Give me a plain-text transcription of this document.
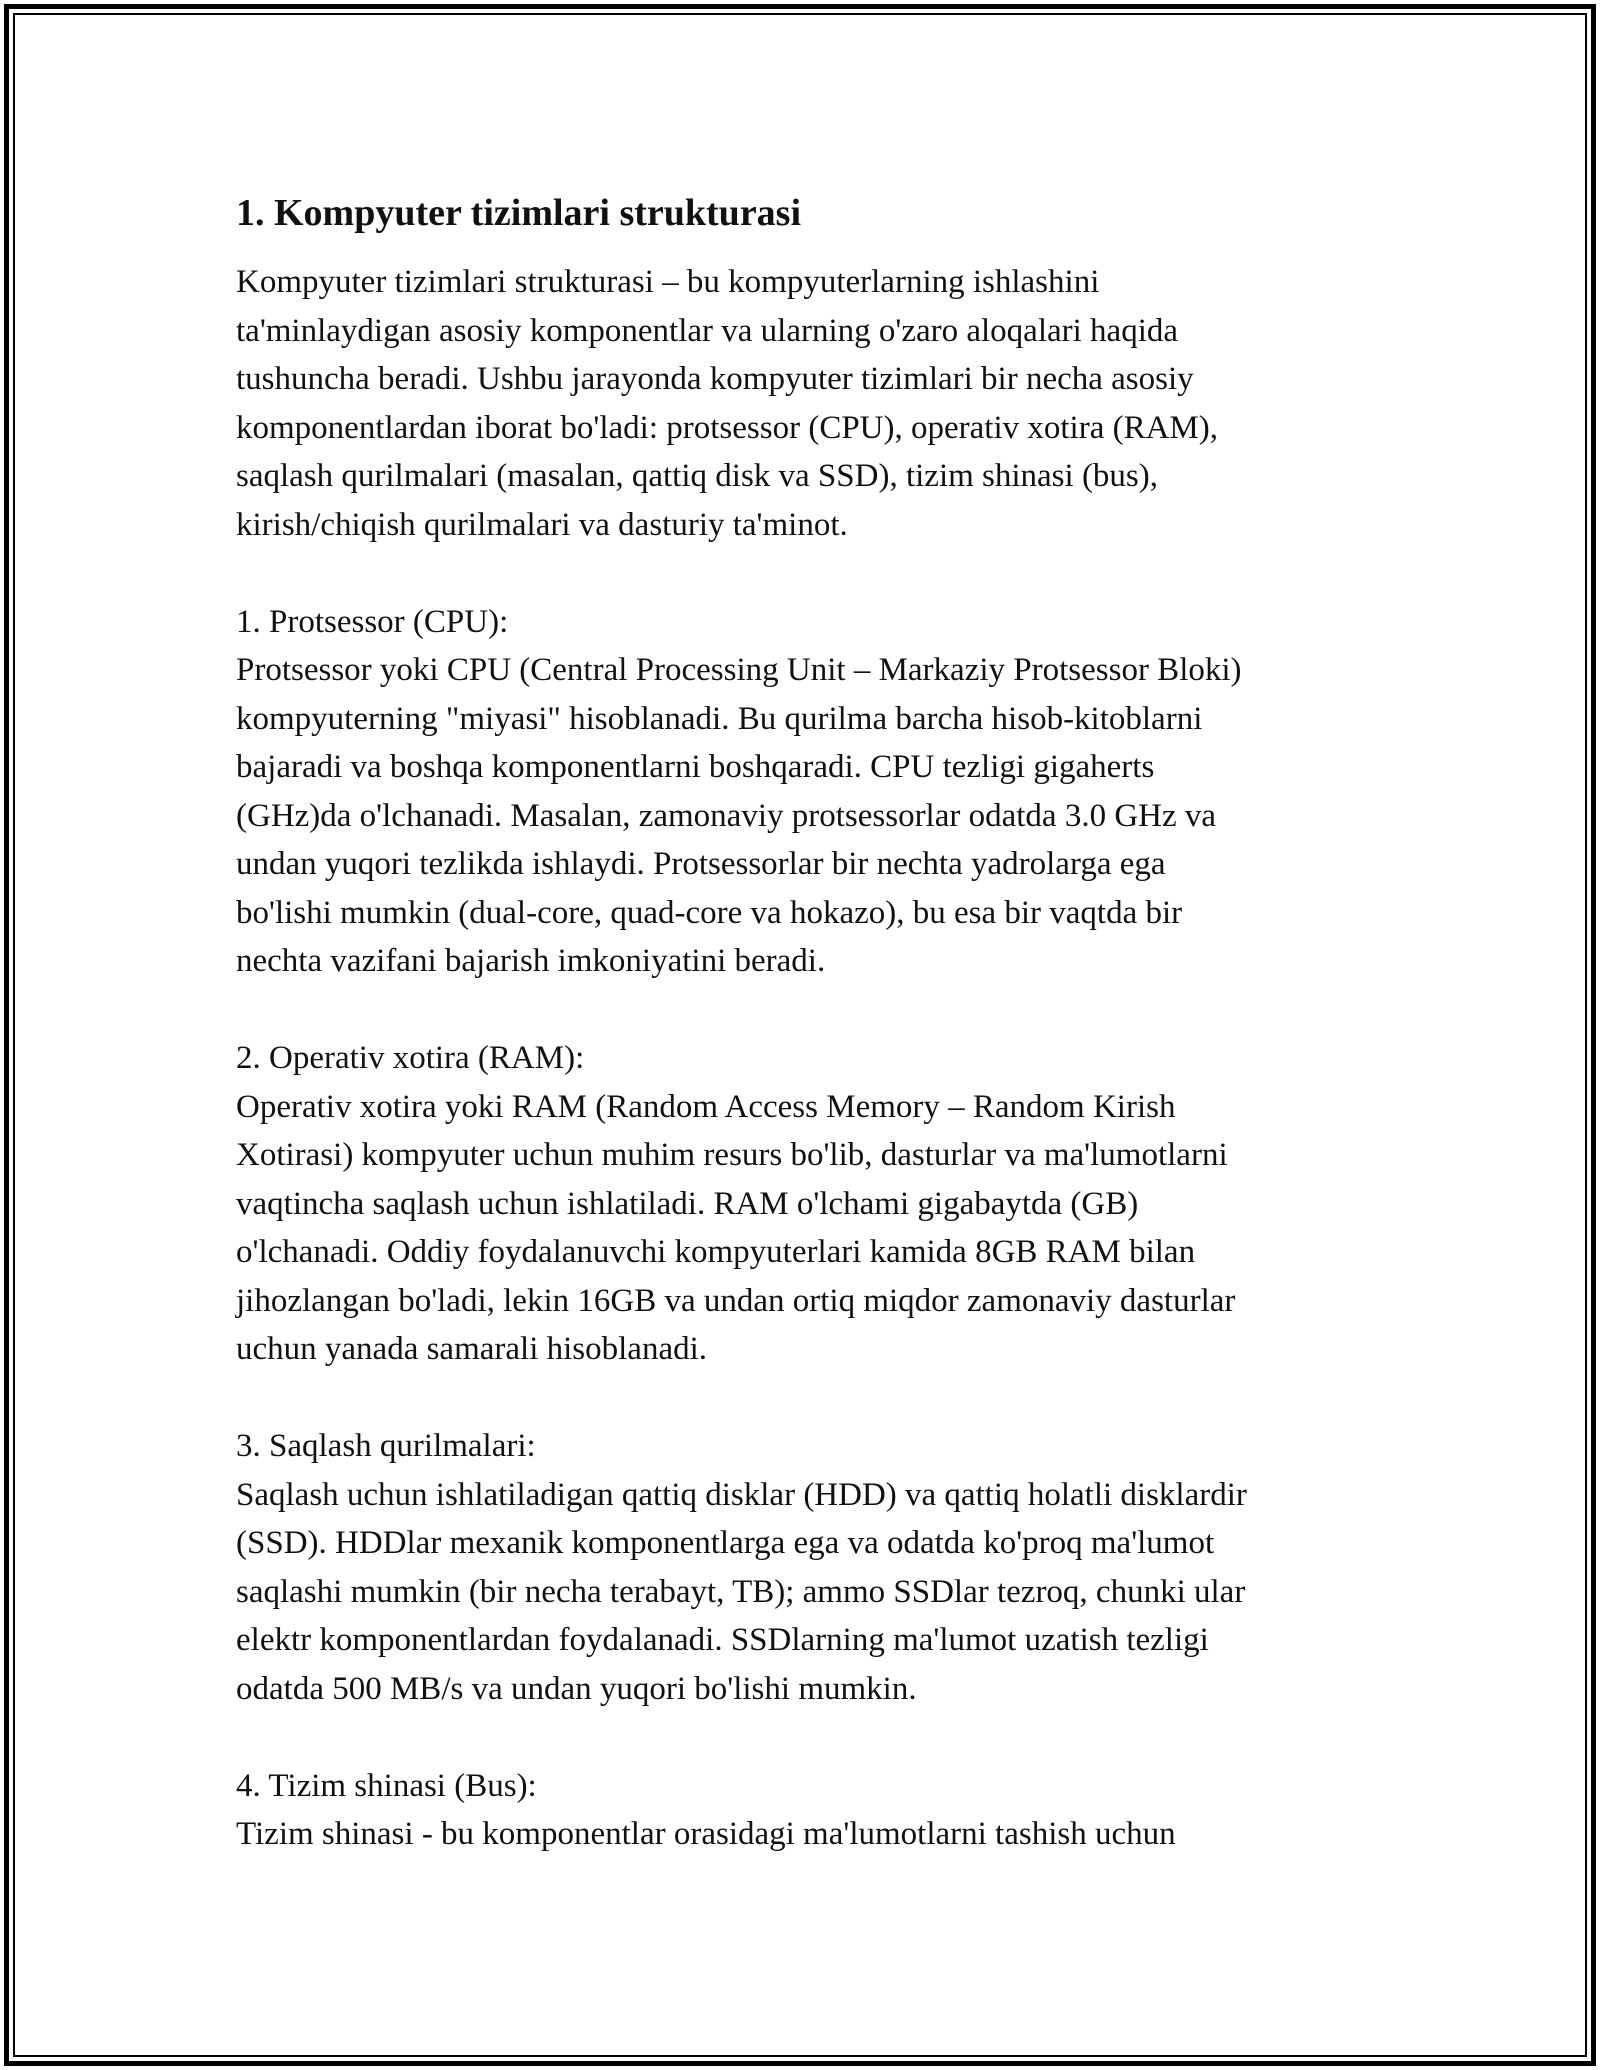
1. Kompyuter tizimlari strukturasi

Kompyuter tizimlari strukturasi – bu kompyuterlarning ishlashini
ta'minlaydigan asosiy komponentlar va ularning o'zaro aloqalari haqida
tushuncha beradi. Ushbu jarayonda kompyuter tizimlari bir necha asosiy
komponentlardan iborat bo'ladi: protsessor (CPU), operativ xotira (RAM),
saqlash qurilmalari (masalan, qattiq disk va SSD), tizim shinasi (bus),
kirish/chiqish qurilmalari va dasturiy ta'minot.

1. Protsessor (CPU):

Protsessor yoki CPU (Central Processing Unit – Markaziy Protsessor Bloki)
kompyuterning "miyasi" hisoblanadi. Bu qurilma barcha hisob-kitoblarni
bajaradi va boshqa komponentlarni boshqaradi. CPU tezligi gigaherts
(GHz)da o'lchanadi. Masalan, zamonaviy protsessorlar odatda 3.0 GHz va
undan yuqori tezlikda ishlaydi. Protsessorlar bir nechta yadrolarga ega
bo'lishi mumkin (dual-core, quad-core va hokazo), bu esa bir vaqtda bir
nechta vazifani bajarish imkoniyatini beradi.

2. Operativ xotira (RAM):

Operativ xotira yoki RAM (Random Access Memory – Random Kirish
Xotirasi) kompyuter uchun muhim resurs bo'lib, dasturlar va ma'lumotlarni
vaqtincha saqlash uchun ishlatiladi. RAM o'lchami gigabaytda (GB)
o'lchanadi. Oddiy foydalanuvchi kompyuterlari kamida 8GB RAM bilan
jihozlangan bo'ladi, lekin 16GB va undan ortiq miqdor zamonaviy dasturlar
uchun yanada samarali hisoblanadi.

3. Saqlash qurilmalari:

Saqlash uchun ishlatiladigan qattiq disklar (HDD) va qattiq holatli disklardir
(SSD). HDDlar mexanik komponentlarga ega va odatda ko'proq ma'lumot
saqlashi mumkin (bir necha terabayt, TB); ammo SSDlar tezroq, chunki ular
elektr komponentlardan foydalanadi. SSDlarning ma'lumot uzatish tezligi
odatda 500 MB/s va undan yuqori bo'lishi mumkin.

4. Tizim shinasi (Bus):

Tizim shinasi - bu komponentlar orasidagi ma'lumotlarni tashish uchun
